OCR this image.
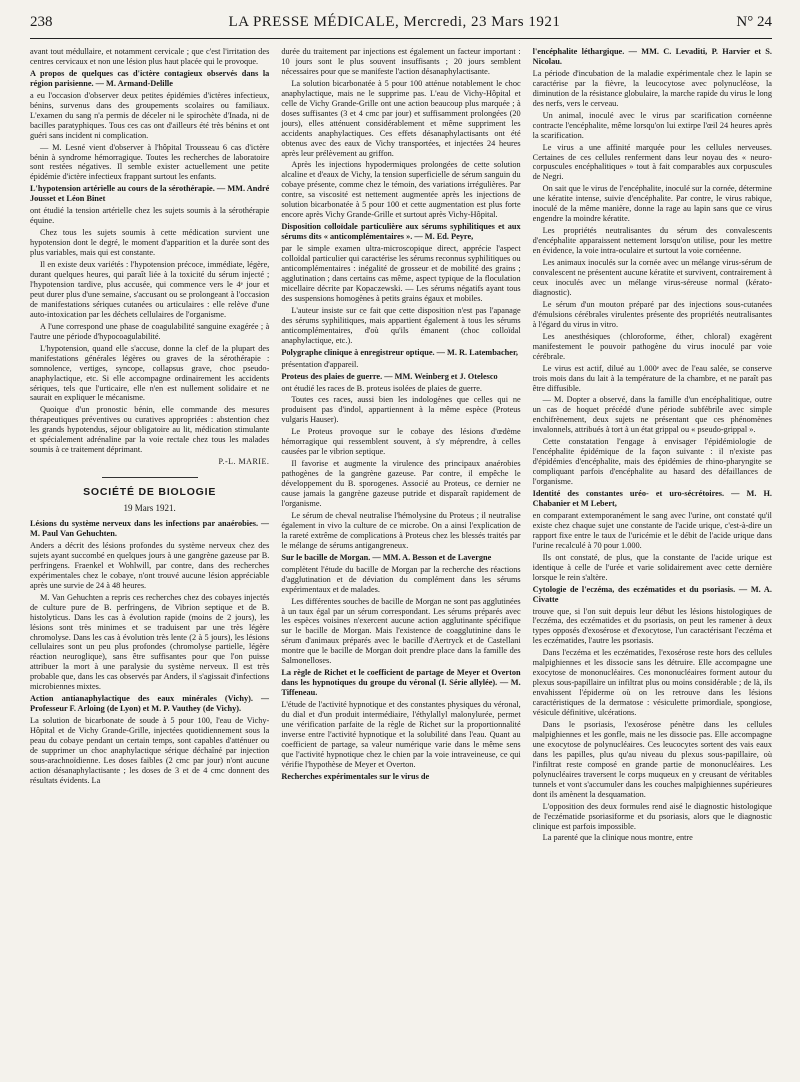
238	LA PRESSE MÉDICALE, Mercredi, 23 Mars 1921	N° 24

avant tout médullaire, et notamment cervicale ; que c'est l'irritation des centres cervicaux et non une lésion plus haut placée qui le provoque.

A propos de quelques cas d'ictère contagieux observés dans la région parisienne. — M. Armand-Delille

a eu l'occasion d'observer deux petites épidémies d'ictères infectieux, bénins, survenus dans des groupements scolaires ou familiaux. L'examen du sang n'a permis de déceler ni le spirochète d'Inada, ni de bacilles paratyphiques. Tous ces cas ont d'ailleurs été très bénins et ont guéri sans incident ni complication.

— M. Lesné vient d'observer à l'hôpital Trousseau 6 cas d'ictère bénin à syndrome hémorragique. Toutes les recherches de laboratoire sont restées négatives. Il semble exister actuellement une petite épidémie d'ictère infectieux frappant surtout les enfants.

L'hypotension artérielle au cours de la sérothérapie. — MM. André Jousset et Léon Binet

ont étudié la tension artérielle chez les sujets soumis à la sérothérapie équine.

Chez tous les sujets soumis à cette médication survient une hypotension dont le degré, le moment d'apparition et la durée sont des plus variables, mais qui est constante.

Il en existe deux variétés : l'hypotension précoce, immédiate, légère, durant quelques heures, qui paraît liée à la toxicité du sérum injecté ; l'hypotension tardive, plus accusée, qui commence vers le 4ᵉ jour et peut durer plus d'une semaine, s'accusant ou se prolongeant à l'occasion de manifestations sériques cutanées ou articulaires : elle relève d'une auto-intoxication par les déchets cellulaires de l'organisme.

A l'une correspond une phase de coagulabilité sanguine exagérée ; à l'autre une période d'hypocoagulabilité.

L'hypotension, quand elle s'accuse, donne la clef de la plupart des manifestations générales légères ou graves de la sérothérapie : somnolence, vertiges, syncope, collapsus grave, choc pseudo-anaphylactique, etc. Si elle accompagne ordinairement les accidents sériques, tels que l'urticaire, elle n'en est nullement solidaire et ne saurait en expliquer le mécanisme.

Quoique d'un pronostic bénin, elle commande des mesures thérapeutiques préventives ou curatives appropriées : abstention chez les grands hypotendus, séjour obligatoire au lit, médication stimulante et spécialement adrénaline par la voie rectale chez tous les malades soumis à ce traitement déprimant.

P.-L. MARIE.
SOCIÉTÉ DE BIOLOGIE
19 Mars 1921.

Lésions du système nerveux dans les infections par anaérobies. — M. Paul Van Gehuchten.

Anders a décrit des lésions profondes du système nerveux chez des sujets ayant succombé en quelques jours à une gangrène gazeuse par B. perfringens. Fraenkel et Wohlwill, par contre, dans des recherches expérimentales chez le cobaye, n'ont trouvé aucune lésion appréciable après une survie de 24 à 48 heures.

M. Van Gehuchten a repris ces recherches chez des cobayes injectés de culture pure de B. perfringens, de Vibrion septique et de B. histolyticus. Dans les cas à évolution rapide (moins de 2 jours), les lésions sont très minimes et se traduisent par une très légère chromolyse. Dans les cas à évolution très lente (2 à 5 jours), les lésions cellulaires sont un peu plus profondes (chromolyse partielle, légère réaction neuroglique), sans être suffisantes pour que l'on puisse attribuer la mort à une paralysie du système nerveux. Il est très probable que, dans les cas observés par Anders, il s'agissait d'infections microbiennes mixtes.

Action antianaphylactique des eaux minérales (Vichy). — Professeur F. Arloing (de Lyon) et M. P. Vauthey (de Vichy).

La solution de bicarbonate de soude à 5 pour 100, l'eau de Vichy-Hôpital et de Vichy Grande-Grille, injectées quotidiennement sous la peau du cobaye pendant un certain temps, sont capables d'atténuer ou de supprimer un choc anaphylactique sérique déchaîné par injection sous-arachnoïdienne. Les doses faibles (2 cmc par jour) n'ont aucune action désanaphylactisante ; les doses de 3 et de 4 cmc donnent des résultats évidents. La

durée du traitement par injections est également un facteur important : 10 jours sont le plus souvent insuffisants ; 20 jours semblent nécessaires pour que se manifeste l'action désanaphylactisante.

La solution bicarbonatée à 5 pour 100 atténue notablement le choc anaphylactique, mais ne le supprime pas. L'eau de Vichy-Hôpital et celle de Vichy Grande-Grille ont une action beaucoup plus marquée ; à doses suffisantes (3 et 4 cmc par jour) et suffisamment prolongées (20 jours), elles atténuent considérablement et même suppriment les accidents anaphylactiques. Ces effets désanaphylactisants ont été obtenus avec des eaux de Vichy transportées, et injectées 24 heures après leur prélèvement au griffon.

Après les injections hypodermiques prolongées de cette solution alcaline et d'eaux de Vichy, la tension superficielle de sérum sanguin du cobaye présente, comme chez le témoin, des variations irrégulières. Par contre, sa viscosité est nettement augmentée après les injections de solution bicarbonatée à 5 pour 100 et cette augmentation est plus forte encore après Vichy Grande-Grille et surtout après Vichy-Hôpital.

Disposition colloïdale particulière aux sérums syphilitiques et aux sérums dits « anticomplémentaires ». — M. Ed. Peyre,

par le simple examen ultra-microscopique direct, apprécie l'aspect colloïdal particulier qui caractérise les sérums reconnus syphilitiques ou anticomplémentaires : inégalité de grosseur et de mobilité des grains ; agglutination ; dans certains cas même, aspect typique de la floculation micellaire décrite par Kopaczewski. — Les sérums négatifs ayant tous des suspensions homogènes à petits grains égaux et mobiles.

L'auteur insiste sur ce fait que cette disposition n'est pas l'apanage des sérums syphilitiques, mais appartient également à tous les sérums anticomplémentaires, d'où qu'ils émanent (choc colloïdal anaphylactique, etc.).

Polygraphe clinique à enregistreur optique. — M. R. Latembacher,

présentation d'appareil.

Proteus des plaies de guerre. — MM. Weinberg et J. Otelesco

ont étudié les races de B. proteus isolées de plaies de guerre.

Toutes ces races, aussi bien les indologènes que celles qui ne produisent pas d'indol, appartiennent à la même espèce (Proteus vulgaris Hauser).

Le Proteus provoque sur le cobaye des lésions d'œdème hémorragique qui ressemblent souvent, à s'y méprendre, à celles causées par le vibrion septique.

Il favorise et augmente la virulence des principaux anaérobies pathogènes de la gangrène gazeuse. Par contre, il empêche le développement du B. sporogenes. Associé au Proteus, ce dernier ne cause jamais la gangrène gazeuse putride et disparaît rapidement de l'organisme.

Le sérum de cheval neutralise l'hémolysine du Proteus ; il neutralise également in vivo la culture de ce microbe. On a ainsi l'explication de la rareté extrême de complications à Proteus chez les blessés traités par le mélange de sérums antigangreneux.

Sur le bacille de Morgan. — MM. A. Besson et de Lavergne

complètent l'étude du bacille de Morgan par la recherche des réactions d'agglutination et de déviation du complément dans les sérums expérimentaux et de malades.

Les différentes souches de bacille de Morgan ne sont pas agglutinées à un taux égal par un sérum correspondant. Les sérums préparés avec les espèces voisines n'exercent aucune action agglutinante spécifique sur le bacille de Morgan. Mais l'existence de coagglutinine dans le sérum d'animaux préparés avec le bacille d'Aertryck et de Castellani montre que le bacille de Morgan doit prendre place dans la famille des Salmonelloses.

La règle de Richet et le coefficient de partage de Meyer et Overton dans les hypnotiques du groupe du véronal (I. Série allylée). — M. Tiffeneau.

L'étude de l'activité hypnotique et des constantes physiques du véronal, du dial et d'un produit intermédiaire, l'éthylallyl malonylurée, permet une vérification parfaite de la règle de Richet sur la proportionnalité inverse entre l'activité hypnotique et la solubilité dans l'eau. Quant au coefficient de partage, sa valeur numérique varie dans le même sens que l'activité hypnotique chez le chien par la voie intraveineuse, ce qui vérifie l'hypothèse de Meyer et Overton.

Recherches expérimentales sur le virus de

l'encéphalite léthargique. — MM. C. Levaditi, P. Harvier et S. Nicolau.

La période d'incubation de la maladie expérimentale chez le lapin se caractérise par la fièvre, la leucocytose avec polynucléose, la diminution de la résistance globulaire, la marche rapide du virus le long des nerfs, vers le cerveau.

Un animal, inoculé avec le virus par scarification cornéenne contracte l'encéphalite, même lorsqu'on lui extirpe l'œil 24 heures après la scarification.

Le virus a une affinité marquée pour les cellules nerveuses. Certaines de ces cellules renferment dans leur noyau des « neuro-corpuscules encéphalitiques » tout à fait comparables aux corpuscules de Negri.

On sait que le virus de l'encéphalite, inoculé sur la cornée, détermine une kératite intense, suivie d'encéphalite. Par contre, le virus rabique, inoculé de la même manière, donne la rage au lapin sans que ce virus engendre la moindre kératite.

Les propriétés neutralisantes du sérum des convalescents d'encéphalite apparaissent nettement lorsqu'on utilise, pour les mettre en évidence, la voie intra-oculaire et surtout la voie cornéenne.

Les animaux inoculés sur la cornée avec un mélange virus-sérum de convalescent ne présentent aucune kératite et survivent, contrairement à ceux inoculés avec un mélange virus-séreuse normal (kérato-diagnostic).

Le sérum d'un mouton préparé par des injections sous-cutanées d'émulsions cérébrales virulentes présente des propriétés neutralisantes à l'égard du virus in vitro.

Les anesthésiques (chloroforme, éther, chloral) exagèrent manifestement le pouvoir pathogène du virus inoculé par voie cérébrale.

Le virus est actif, dilué au 1.000ᵉ avec de l'eau salée, se conserve trois mois dans du lait à la température de la chambre, et ne paraît pas être diffusible.

— M. Dopter a observé, dans la famille d'un encéphalitique, outre un cas de hoquet précédé d'une période subfébrile avec simple enchifrènement, deux sujets ne présentant que ces phénomènes invalonnels, attribués à tort à un état grippal ou « pseudo-grippal ».

Cette constatation l'engage à envisager l'épidémiologie de l'encéphalite épidémique de la façon suivante : il n'existe pas d'épidémies d'encéphalite, mais des épidémies de rhino-pharyngite se compliquant parfois d'encéphalite au hasard des défaillances de l'organisme.

Identité des constantes uréo- et uro-sécrétoires. — M. H. Chabanier et M Lebert,

en comparant extemporanément le sang avec l'urine, ont constaté qu'il existe chez chaque sujet une constante de l'acide urique, c'est-à-dire un rapport fixe entre le taux de l'uricémie et le débit de l'acide urique dans l'urine recalculé à 70 pour 1.000.

Ils ont constaté, de plus, que la constante de l'acide urique est identique à celle de l'urée et varie solidairement avec cette dernière lorsque le rein s'altère.

Cytologie de l'eczéma, des eczématides et du psoriasis. — M. A. Civatte

trouve que, si l'on suit depuis leur début les lésions histologiques de l'eczéma, des eczématides et du psoriasis, on peut les ramener à deux types opposés d'exosérose et d'exocytose, l'un caractérisant l'eczéma et les eczématides, l'autre les psoriasis.

Dans l'eczéma et les eczématides, l'exosérose reste hors des cellules malpighiennes et les dissocie sans les détruire. Elle accompagne une exocytose de mononucléaires. Ces mononucléaires forment autour du plexus sous-papillaire un infiltrat plus ou moins considérable ; de là, ils envahissent l'épiderme où on les retrouve dans les lésions caractéristiques de la dermatose : vésiculette primordiale, spongiose, vésicule définitive, ulcérations.

Dans le psoriasis, l'exosérose pénètre dans les cellules malpighiennes et les gonfle, mais ne les dissocie pas. Elle accompagne une exocytose de polynucléaires. Ces leucocytes sortent des vais eaux dans les papilles, plus qu'au niveau du plexus sous-papillaire, où l'infiltrat reste composé en grande partie de mononucléaires. Les polynucléaires traversent le corps muqueux en y creusant de véritables tunnels et vont s'accumuler dans les couches malpighiennes supérieures dont ils amènent la desquamation.

L'opposition des deux formules rend aisé le diagnostic histologique de l'eczématide psoriasiforme et du psoriasis, alors que le diagnostic clinique est parfois impossible.

La parenté que la clinique nous montre, entre
